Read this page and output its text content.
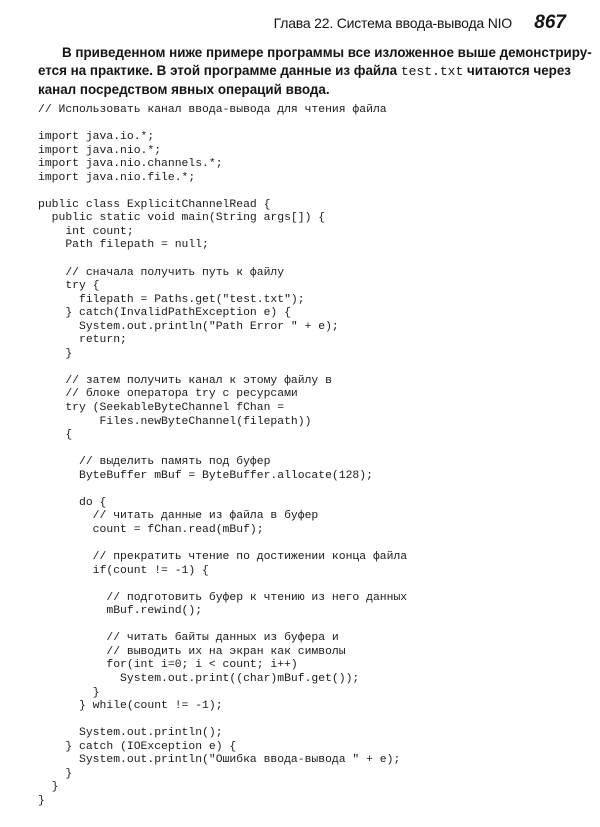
Глава 22. Система ввода-вывода NIO 867

В приведенном ниже примере программы все изложенное выше демонстриру-
ется на практике. В этой программе данные из файла test.txt читаются через
канал посредством явных операций ввода.

// Использовать канал ввода-вывода для чтения файла
import java.io.*;
import java.nio.*;
import java.nio.channels.*;
import java.nio.file.*;
public class ExplicitChannelRead {
public static void main(String args[]) {
int count;
Path filepath = null;
// сначала получить путь к файлу
try {
filepath = Paths.get("test.txt");
} catch(InvalidPathException e) {
System.out.println("Path Error " + e);
return;
}
// затем получить канал к этому файлу в
// блоке оператора try с ресурсами
try (SeekableByteChannel fChan =
Files.newByteChannel(filepath))
{
// выделить память под буфер
ByteBuffer mBuf = ByteBuffer.allocate(128);
do {
// читать данные из файла в буфер
count = fChan.read(mBuf);
// прекратить чтение по достижении конца файла
if(count != -1) {
// подготовить буфер к чтению из него данных
mBuf.rewind();
// читать байты данных из буфера и
// выводить их на экран как символы
for(int i=0; i < count; i++)
System.out.print((char)mBuf.get());
}
} while(count != -1);
System.out.println();
} catch (IOException e) {
System.out.println("Ошибка ввода-вывода " + e);
}
}
}
